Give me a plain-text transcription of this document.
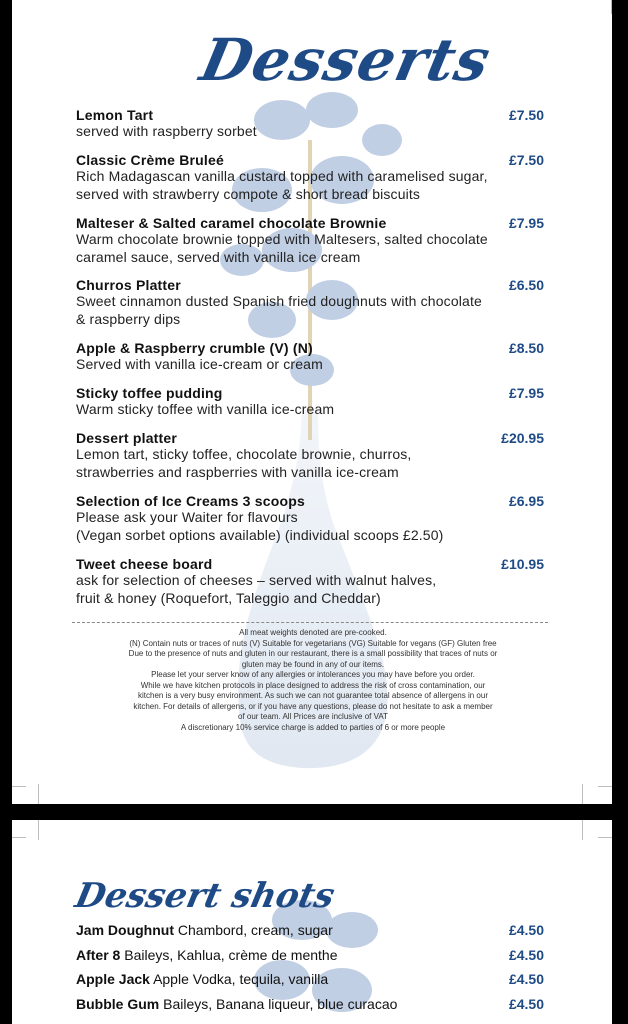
Desserts
Lemon Tart	£7.50
served with raspberry sorbet
Classic Crème Bruleé	£7.50
Rich Madagascan vanilla custard topped with caramelised sugar,
served with strawberry compote & short bread biscuits
Malteser & Salted caramel chocolate Brownie	£7.95
Warm chocolate brownie topped with Maltesers, salted chocolate
caramel sauce, served with vanilla ice cream
Churros Platter	£6.50
Sweet cinnamon dusted Spanish fried doughnuts with chocolate
& raspberry dips
Apple & Raspberry crumble (V) (N)	£8.50
Served with vanilla ice-cream or cream
Sticky toffee pudding	£7.95
Warm sticky toffee with vanilla ice-cream
Dessert platter	£20.95
Lemon tart, sticky toffee, chocolate brownie, churros,
strawberries and raspberries with vanilla ice-cream
Selection of Ice Creams 3 scoops	£6.95
Please ask your Waiter for flavours
(Vegan sorbet options available) (individual scoops £2.50)
Tweet cheese board	£10.95
ask for selection of cheeses – served with walnut halves,
fruit & honey (Roquefort, Taleggio and Cheddar)
All meat weights denoted are pre-cooked.
(N) Contain nuts or traces of nuts (V) Suitable for vegetarians (VG) Suitable for vegans (GF) Gluten free
Due to the presence of nuts and gluten in our restaurant, there is a small possibility that traces of nuts or
gluten may be found in any of our items.
Please let your server know of any allergies or intolerances you may have before you order.
While we have kitchen protocols in place designed to address the risk of cross contamination, our
kitchen is a very busy environment. As such we can not guarantee total absence of allergens in our
kitchen. For details of allergens, or if you have any questions, please do not hesitate to ask a member
of our team. All Prices are inclusive of VAT
A discretionary 10% service charge is added to parties of 6 or more people
Dessert shots
Jam Doughnut Chambord, cream, sugar	£4.50
After 8 Baileys, Kahlua, crème de menthe	£4.50
Apple Jack Apple Vodka, tequila, vanilla	£4.50
Bubble Gum Baileys, Banana liqueur, blue curacao	£4.50
